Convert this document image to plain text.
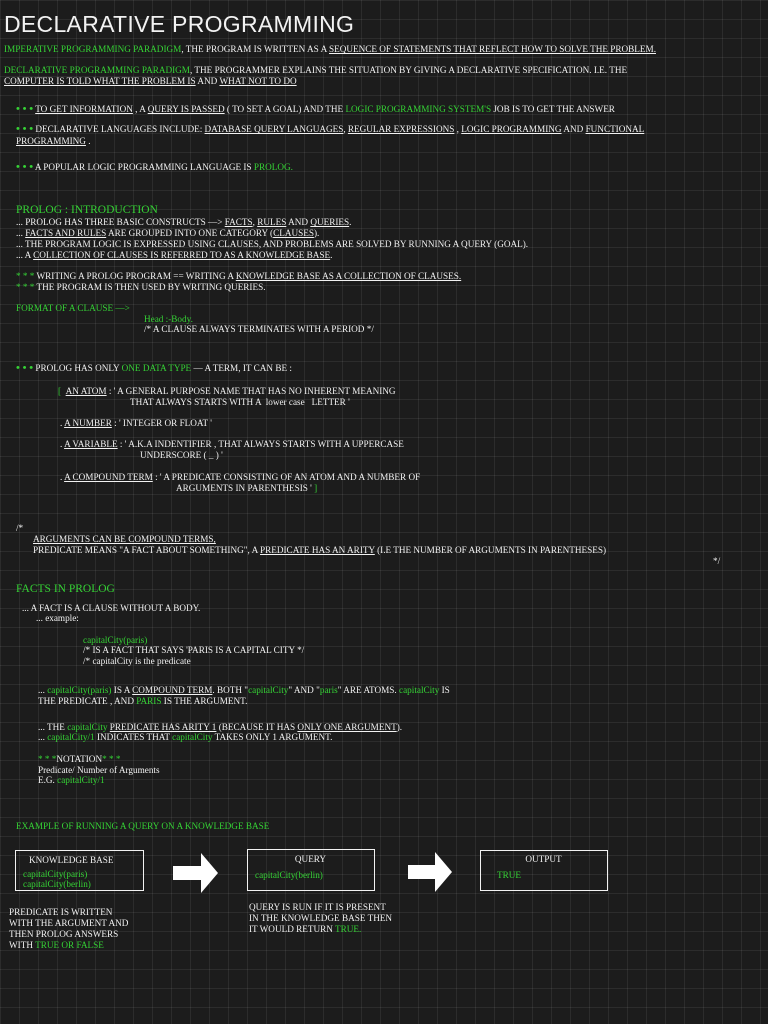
DECLARATIVE PROGRAMMING
IMPERATIVE PROGRAMMING PARADIGM, THE PROGRAM IS WRITTEN AS A SEQUENCE OF STATEMENTS THAT REFLECT HOW TO SOLVE THE PROBLEM.
DECLARATIVE PROGRAMMING PARADIGM, THE PROGRAMMER EXPLAINS THE SITUATION BY GIVING A DECLARATIVE SPECIFICATION. I.E. THE
COMPUTER IS TOLD WHAT THE PROBLEM IS AND WHAT NOT TO DO
• • • TO GET INFORMATION , A QUERY IS PASSED ( TO SET A GOAL) AND THE LOGIC PROGRAMMING SYSTEM'S JOB IS TO GET THE ANSWER
• • • DECLARATIVE LANGUAGES INCLUDE: DATABASE QUERY LANGUAGES, REGULAR EXPRESSIONS , LOGIC PROGRAMMING AND FUNCTIONAL
PROGRAMMING .
• • • A POPULAR LOGIC PROGRAMMING LANGUAGE IS PROLOG.
PROLOG : INTRODUCTION
... PROLOG HAS THREE BASIC CONSTRUCTS —> FACTS, RULES AND QUERIES.
... FACTS AND RULES ARE GROUPED INTO ONE CATEGORY (CLAUSES).
... THE PROGRAM LOGIC IS EXPRESSED USING CLAUSES, AND PROBLEMS ARE SOLVED BY RUNNING A QUERY (GOAL).
... A COLLECTION OF CLAUSES IS REFERRED TO AS A KNOWLEDGE BASE.
* * * WRITING A PROLOG PROGRAM == WRITING A KNOWLEDGE BASE AS A COLLECTION OF CLAUSES.
* * * THE PROGRAM IS THEN USED BY WRITING QUERIES.
FORMAT OF A CLAUSE —>
Head :-Body.
/* A CLAUSE ALWAYS TERMINATES WITH A PERIOD */
• • • PROLOG HAS ONLY ONE DATA TYPE — A TERM, IT CAN BE :
[ AN ATOM : ' A GENERAL PURPOSE NAME THAT HAS NO INHERENT MEANING
THAT ALWAYS STARTS WITH A  lower case   LETTER '
. A NUMBER : ' INTEGER OR FLOAT '
. A VARIABLE : ' A.K.A INDENTIFIER , THAT ALWAYS STARTS WITH A UPPERCASE
UNDERSCORE ( _ ) '
. A COMPOUND TERM : ' A PREDICATE CONSISTING OF AN ATOM AND A NUMBER OF
ARGUMENTS IN PARENTHESIS ' ]
/*
ARGUMENTS CAN BE COMPOUND TERMS,
PREDICATE MEANS "A FACT ABOUT SOMETHING", A PREDICATE HAS AN ARITY (I.E THE NUMBER OF ARGUMENTS IN PARENTHESES)
*/
FACTS IN PROLOG
... A FACT IS A CLAUSE WITHOUT A BODY.
... example:
capitalCity(paris)
/* IS A FACT THAT SAYS 'PARIS IS A CAPITAL CITY */
/* capitalCity is the predicate
... capitalCity(paris) IS A COMPOUND TERM. BOTH "capitalCity" AND "paris" ARE ATOMS. capitalCity IS
THE PREDICATE , AND PARIS IS THE ARGUMENT.
... THE capitalCity PREDICATE HAS ARITY 1 (BECAUSE IT HAS ONLY ONE ARGUMENT).
... capitalCity/1 INDICATES THAT capitalCity TAKES ONLY 1 ARGUMENT.
* * *NOTATION* * *
Predicate/ Number of Arguments
E.G. capitalCity/1
EXAMPLE OF RUNNING A QUERY ON A KNOWLEDGE BASE
KNOWLEDGE BASE
capitalCity(paris)
capitalCity(berlin)
QUERY
capitalCity(berlin)
OUTPUT
TRUE
PREDICATE IS WRITTEN
WITH THE ARGUMENT AND
THEN PROLOG ANSWERS
WITH TRUE OR FALSE
QUERY IS RUN IF IT IS PRESENT
IN THE KNOWLEDGE BASE THEN
IT WOULD RETURN TRUE.
